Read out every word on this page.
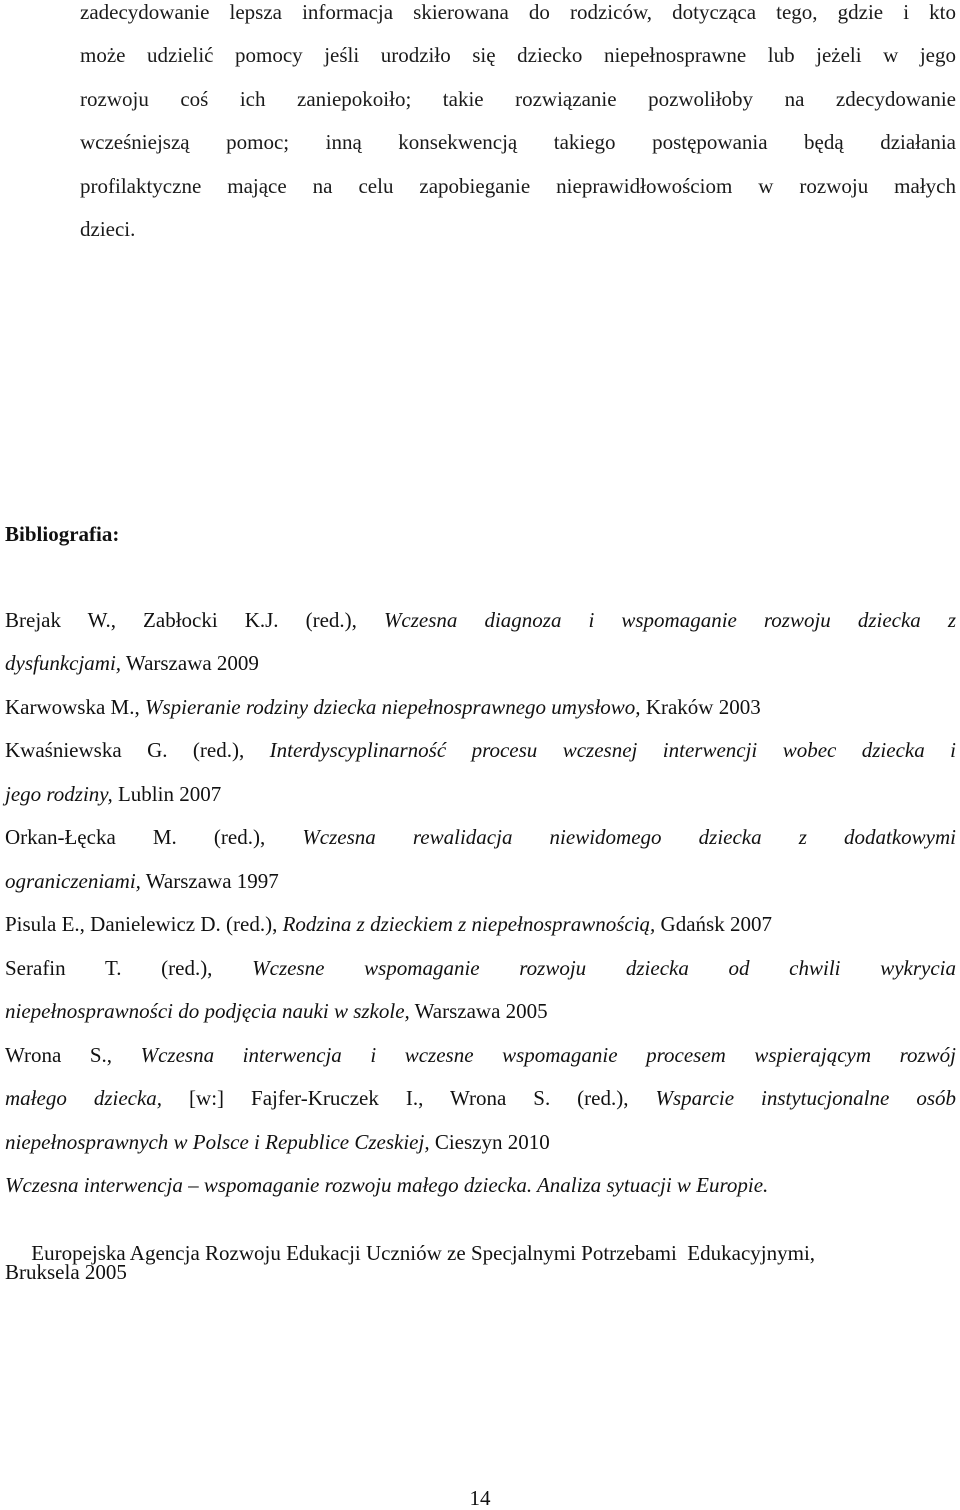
zadecydowanie lepsza informacja skierowana do rodziców, dotycząca tego, gdzie i kto
może udzielić pomocy jeśli urodziło się dziecko niepełnosprawne lub jeżeli w jego
rozwoju coś ich zaniepokoiło; takie rozwiązanie pozwoliłoby na zdecydowanie
wcześniejszą pomoc; inną konsekwencją takiego postępowania będą działania
profilaktyczne mające na celu zapobieganie nieprawidłowościom w rozwoju małych
dzieci.
Bibliografia:
Brejak W., Zabłocki K.J. (red.), Wczesna diagnoza i wspomaganie rozwoju dziecka z
dysfunkcjami, Warszawa 2009
Karwowska M., Wspieranie rodziny dziecka niepełnosprawnego umysłowo, Kraków 2003
Kwaśniewska G. (red.), Interdyscyplinarność procesu wczesnej interwencji wobec dziecka i
jego rodziny, Lublin 2007
Orkan-Łęcka M. (red.), Wczesna rewalidacja niewidomego dziecka z dodatkowymi
ograniczeniami, Warszawa 1997
Pisula E., Danielewicz D. (red.), Rodzina z dzieckiem z niepełnosprawnością, Gdańsk 2007
Serafin T. (red.), Wczesne wspomaganie rozwoju dziecka od chwili wykrycia
niepełnosprawności do podjęcia nauki w szkole, Warszawa 2005
Wrona S., Wczesna interwencja i wczesne wspomaganie procesem wspierającym rozwój
małego dziecka, [w:] Fajfer-Kruczek I., Wrona S. (red.), Wsparcie instytucjonalne osób
niepełnosprawnych w Polsce i Republice Czeskiej, Cieszyn 2010
Wczesna interwencja – wspomaganie rozwoju małego dziecka. Analiza sytuacji w Europie.

Europejska Agencja Rozwoju Edukacji Uczniów ze Specjalnymi Potrzebami  Edukacyjnymi,

Bruksela 2005
14
